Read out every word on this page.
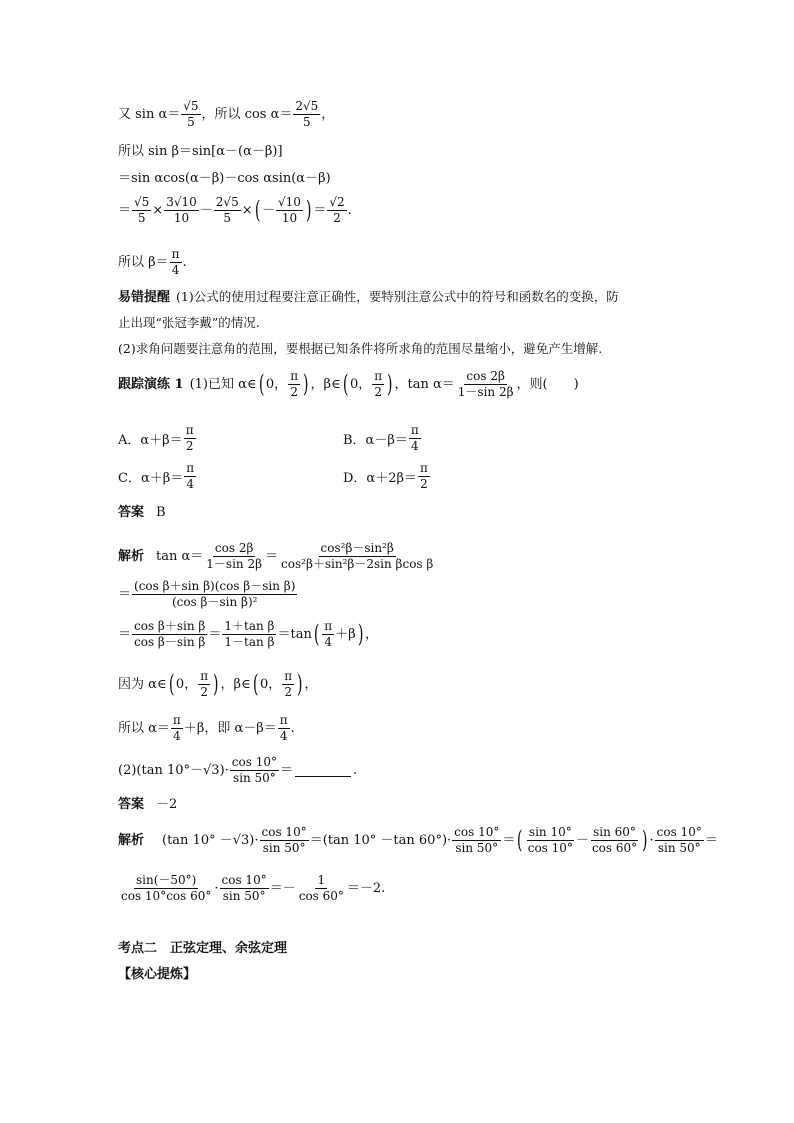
又 $\sin \alpha= \frac{√5}{5}$ ，所以 $\cos \alpha= \frac{2√5}{5}$ ，
所以 sin β＝sin[α－(α－β)]
＝sin αcos(α－β)－cos αsin(α－β)
＝ $\frac{√5}{5} \times \frac{3√10}{10} - \frac{2√5}{5}$ × ( － $\frac{√10}{10}$ ) ＝ $\frac{√2}{2}$ .
所以 $\beta= \frac{\pi}{4}$ .
易错提醒 (1)公式的使用过程要注意正确性，要特别注意公式中的符号和函数名的变换，防
止出现“张冠李戴”的情况.
(2)求角问题要注意角的范围，要根据已知条件将所求角的范围尽量缩小，避免产生增解.
跟踪演练 1 (1)已知 α∈ ( 0， $\frac{\pi}{2}$ ) ，β∈ ( 0， $\frac{\pi}{2}$ ) ，$\tan \alpha= \frac{\cos 2\beta}{1-\sin 2\beta}$ ，则(　　)
A．$\alpha+\beta= \frac{\pi}{2}$	B．$\alpha-\beta= \frac{\pi}{4}$
C．$\alpha+\beta= \frac{\pi}{4}$	D．$\alpha+2\beta= \frac{\pi}{2}$
答案 B
解析 $\tan \alpha= \frac{\cos 2\beta}{1-\sin 2\beta} = \frac{\text{cos²β－sin²β}}{\text{cos²β＋sin²β－2sin βcos β}}$
＝ $\frac{\text{(cos β＋sin β)(cos β－sin β)}}{\text{(cos β－sin β)²}}$
＝ $\frac{\text{cos β＋sin β}}{\text{cos β－sin β}} = \frac{\text{1＋tan β}}{\text{1－tan β}} =\tan$ ( $\frac{\pi}{4} +\beta$ ) ，
因为 α∈ ( 0， $\frac{\pi}{2}$ ) ，β∈ ( 0， $\frac{\pi}{2}$ ) ，
所以 $\alpha= \frac{\pi}{4} +\beta$，即 $\alpha-\beta= \frac{\pi}{4}$ .
(2)(tan $10^\circ-√3)\cdot \frac{\cos 10^\circ}{\sin 50^\circ}$ ＝	.
答案 －2
解析 (tan $10^\circ -√3)\cdot \frac{\cos 10^\circ}{\sin 50^\circ} =(\tan$ 10° －tan $60^\circ)\cdot \frac{\cos 10^\circ}{\sin 50^\circ}$ ＝ ( $\frac{\sin 10^\circ}{\cos 10^\circ} - \frac{\sin 60^\circ}{\cos 60^\circ}$ ) · $\frac{\cos 10^\circ}{\sin 50^\circ}$ ＝
$\frac{\sin(-50^\circ)}{\cos 10^\circ\cos 60^\circ} \cdot \frac{\cos 10^\circ}{\sin 50^\circ} =- \frac{1}{\cos 60^\circ} =-2$.
考点二　正弦定理、余弦定理
【核心提炼】
